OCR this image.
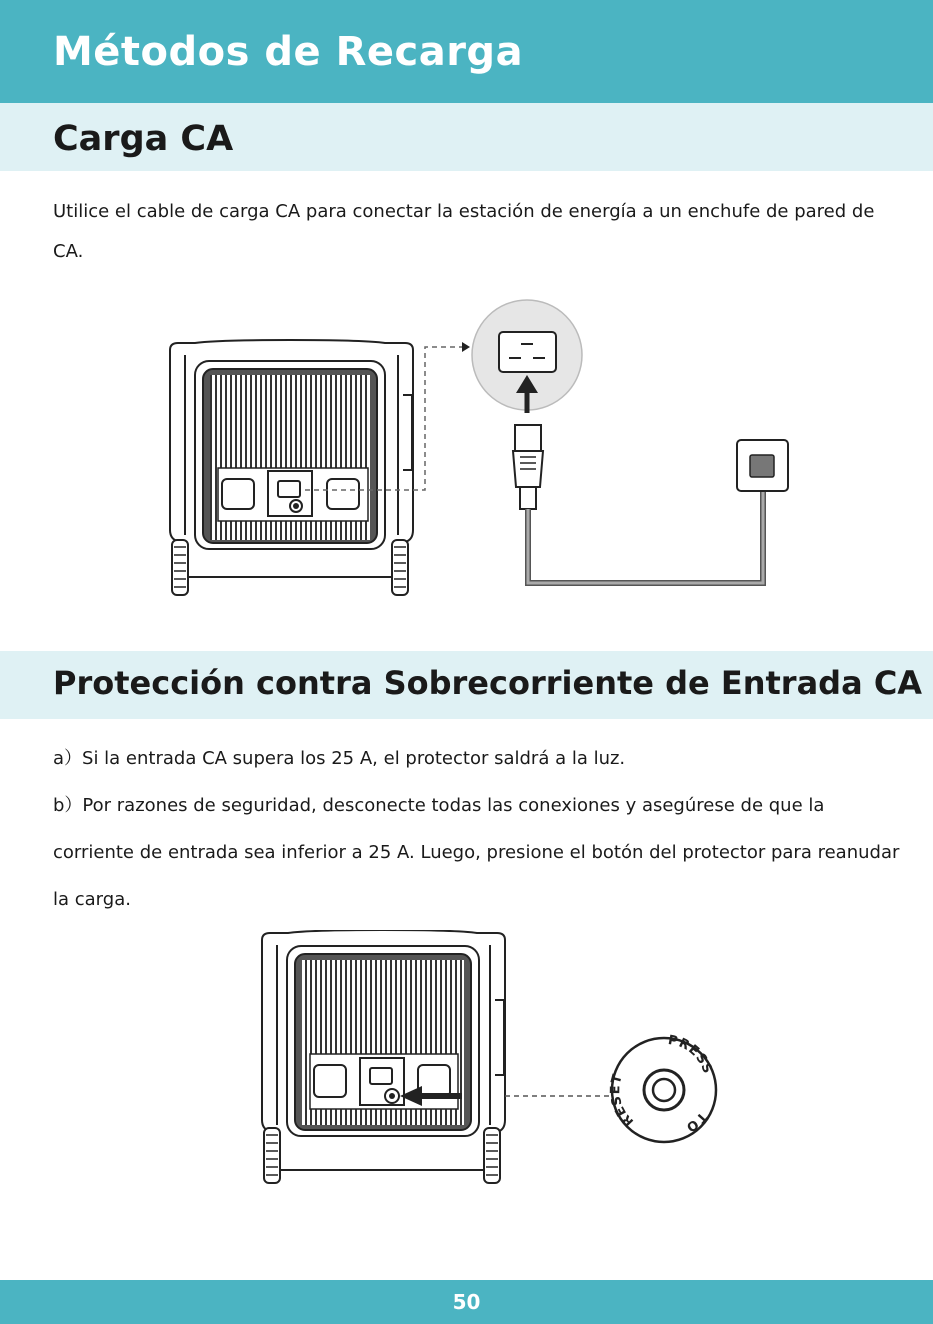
Métodos de Recarga
Carga CA

Utilice el cable de carga CA para conectar la estación de energía a un enchufe de pared de CA.

Protección contra Sobrecorriente de Entrada CA
a）Si la entrada CA supera los 25 A, el protector saldrá a la luz.
b）Por razones de seguridad, desconecte todas las conexiones y asegúrese de que la corriente de entrada sea inferior a 25 A. Luego, presione el botón del protector para reanudar la carga.
PRESS
RESET
TO
50
